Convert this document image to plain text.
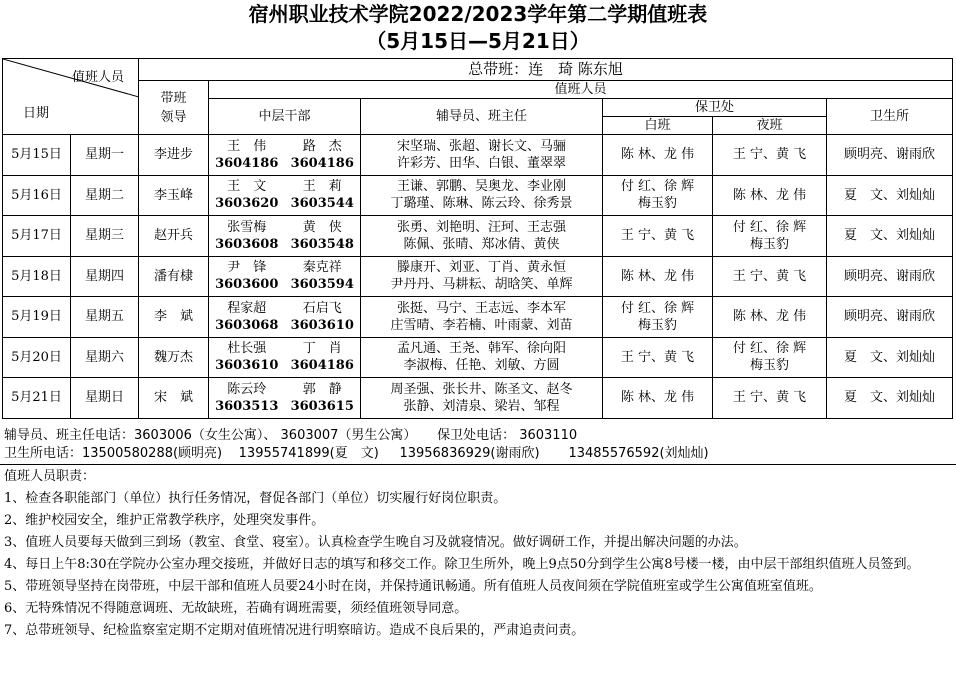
宿州职业技术学院2022/2023学年第二学期值班表
（5月15日—5月21日）
值班人员
日期		总带班：连　琦 陈东旭					
		带班领导	值班人员				
			中层干部	辅导员、班主任	保卫处		卫生所
					白班	夜班	
5月15日	星期一	李进步	王　伟 路　杰
3604186 3604186	宋坚瑞、张超、谢长文、马骊
许彩芳、田华、白银、董翠翠	陈 林、龙 伟	王 宁、黄 飞	顾明亮、谢雨欣
5月16日	星期二	李玉峰	王　文 王　莉
3603620 3603544	王谦、郭鹏、吴奥龙、李业刚
丁璐瑾、陈琳、陈云玲、徐秀景	付 红、徐 辉
梅玉豹	陈 林、龙 伟	夏　文、刘灿灿
5月17日	星期三	赵开兵	张雪梅 黄　侠
3603608 3603548	张勇、刘艳明、汪珂、王志强
陈佩、张晴、郑冰倩、黄侠	王 宁、黄 飞	付 红、徐 辉
梅玉豹	夏　文、刘灿灿
5月18日	星期四	潘有棣	尹　锋 秦克祥
3603600 3603594	滕康开、刘亚、丁肖、黄永恒
尹丹丹、马耕耘、胡晗笑、单辉	陈 林、龙 伟	王 宁、黄 飞	顾明亮、谢雨欣
5月19日	星期五	李　斌	程家超 石启飞
3603068 3603610	张挺、马宁、王志远、李本军
庄雪晴、李若楠、叶雨蒙、刘苗	付 红、徐 辉
梅玉豹	陈 林、龙 伟	顾明亮、谢雨欣
5月20日	星期六	魏万杰	杜长强 丁　肖
3603610 3604186	孟凡通、王尧、韩军、徐向阳
李淑梅、任艳、刘敏、方圆	王 宁、黄 飞	付 红、徐 辉
梅玉豹	夏　文、刘灿灿
5月21日	星期日	宋　斌	陈云玲 郭　静
3603513 3603615	周圣强、张长井、陈圣文、赵冬
张静、刘清泉、梁岩、邹程	陈 林、龙 伟	王 宁、黄 飞	夏　文、刘灿灿
辅导员、班主任电话：3603006（女生公寓）、 3603007（男生公寓）     保卫处电话： 3603110
卫生所电话：13500580288(顾明亮)    13955741899(夏　文)     13956836929(谢雨欣)       13485576592(刘灿灿)

值班人员职责：

1、检查各职能部门（单位）执行任务情况，督促各部门（单位）切实履行好岗位职责。

2、维护校园安全，维护正常教学秩序，处理突发事件。

3、值班人员要每天做到三到场（教室、食堂、寝室）。认真检查学生晚自习及就寝情况。做好调研工作，并提出解决问题的办法。

4、每日上午8:30在学院办公室办理交接班，并做好日志的填写和移交工作。除卫生所外，晚上9点50分到学生公寓8号楼一楼，由中层干部组织值班人员签到。

5、带班领导坚持在岗带班，中层干部和值班人员要24小时在岗，并保持通讯畅通。所有值班人员夜间须在学院值班室或学生公寓值班室值班。

6、无特殊情况不得随意调班、无故缺班，若确有调班需要，须经值班领导同意。

7、总带班领导、纪检监察室定期不定期对值班情况进行明察暗访。造成不良后果的，严肃追责问责。
